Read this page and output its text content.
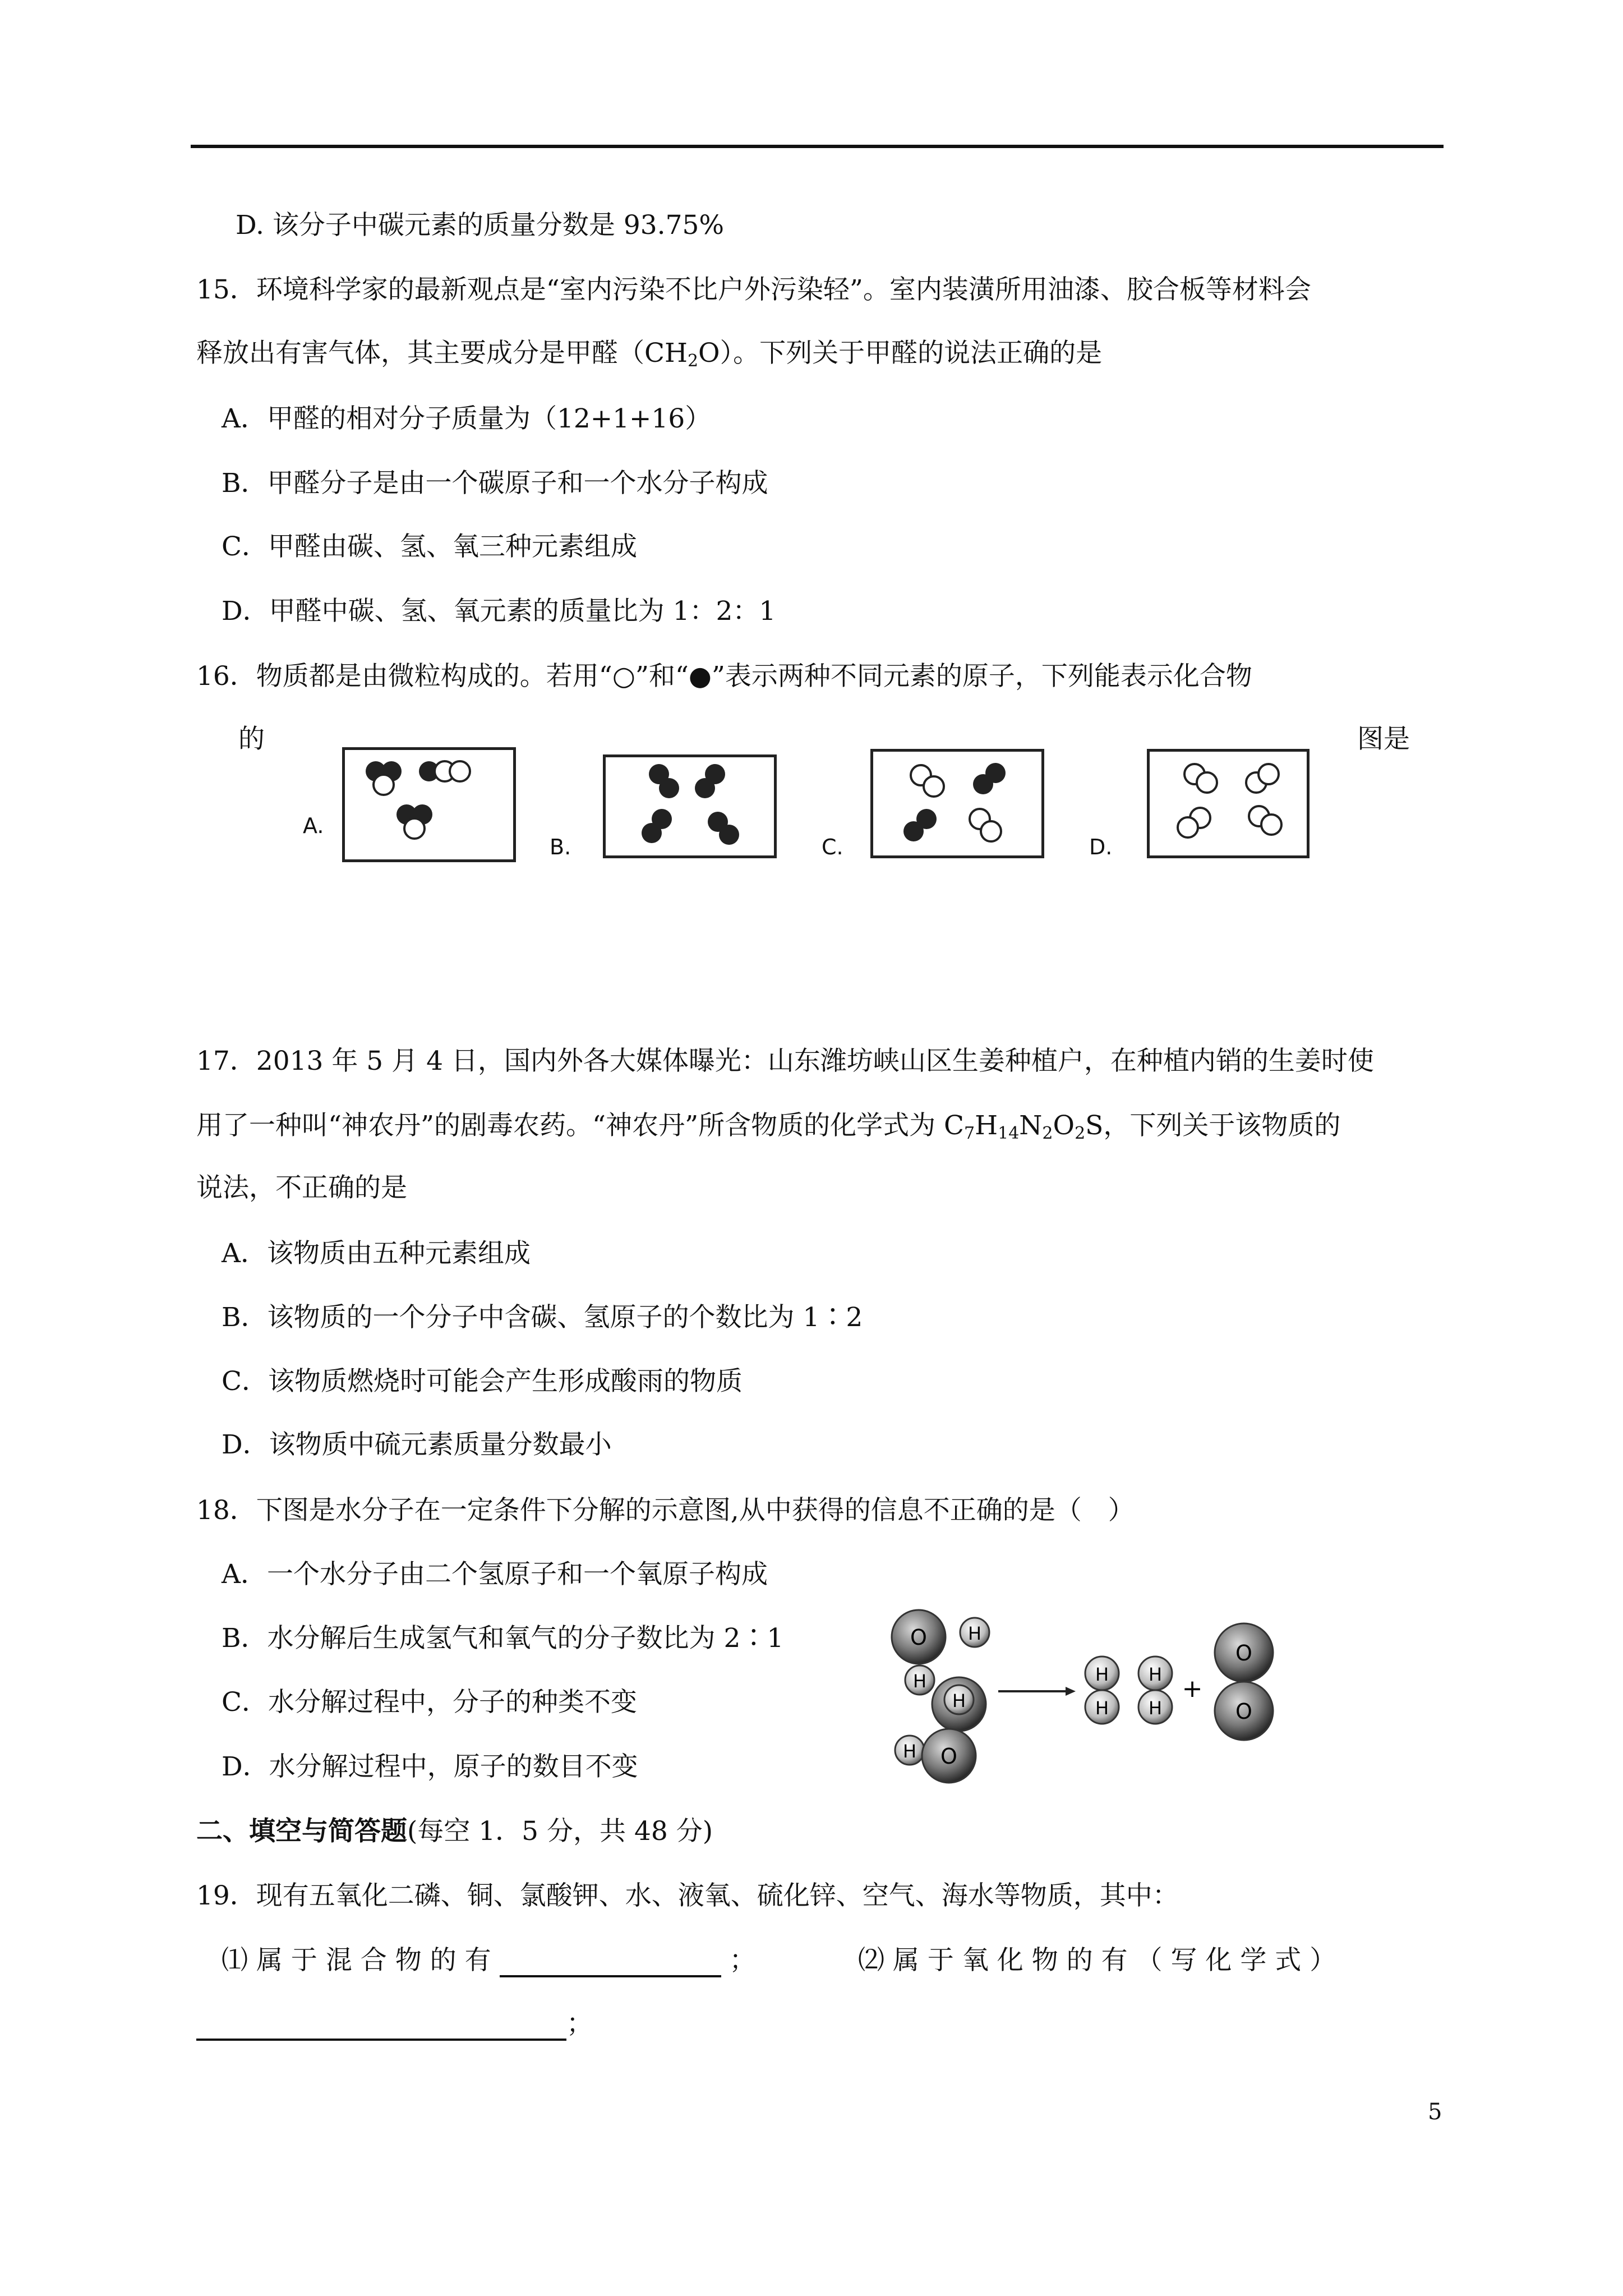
D. 该分子中碳元素的质量分数是 93.75%
15．环境科学家的最新观点是“室内污染不比户外污染轻”。室内装潢所用油漆、胶合板等材料会
释放出有害气体，其主要成分是甲醛$(CH_2O)$。下列关于甲醛的说法正确的是
A．甲醛的相对分子质量为（12+1+16）
B．甲醛分子是由一个碳原子和一个水分子构成
C．甲醛由碳、氢、氧三种元素组成
D．甲醛中碳、氢、氧元素的质量比为 1：2：1
16．物质都是由微粒构成的。若用“○”和“●”表示两种不同元素的原子，下列能表示化合物
的	图是
A.
B.	C.	D.
17．2013 年 5 月 4 日，国内外各大媒体曝光：山东潍坊峡山区生姜种植户，在种植内销的生姜时使
用了一种叫“神农丹”的剧毒农药。“神农丹”所含物质的化学式为 $C_7H_{14}N_2O_2S$，下列关于该物质的
说法，不正确的是
A．该物质由五种元素组成
B．该物质的一个分子中含碳、氢原子的个数比为 1∶2
C．该物质燃烧时可能会产生形成酸雨的物质
D．该物质中硫元素质量分数最小
18．下图是水分子在一定条件下分解的示意图,从中获得的信息不正确的是（　）
A．一个水分子由二个氢原子和一个氧原子构成
B．水分解后生成氢气和氧气的分子数比为 2∶1
C．水分解过程中，分子的种类不变
D．水分解过程中，原子的数目不变
O H
H
H
H O
H
H
H
H
+
O
O
二、填空与简答题(每空 1．5 分，共 48 分)
19．现有五氧化二磷、铜、氯酸钾、水、液氧、硫化锌、空气、海水等物质，其中：
⑴ 属 于 混 合 物 的 有	；	⑵ 属 于 氧 化 物 的 有 （ 写 化 学 式 ）
；
5
